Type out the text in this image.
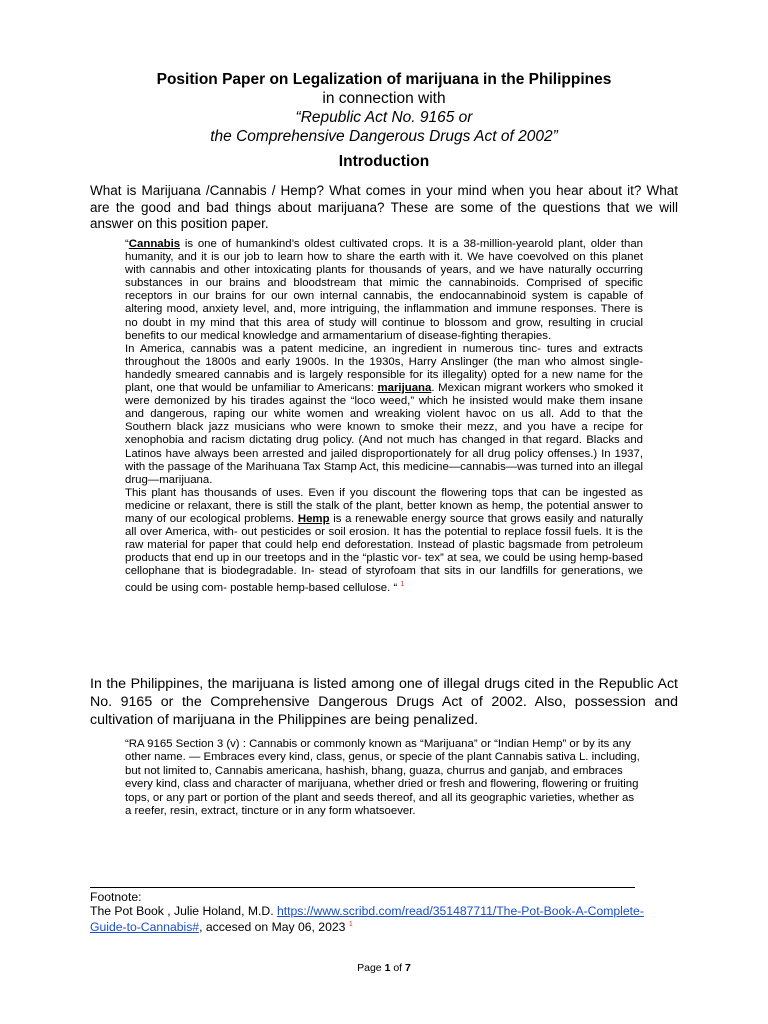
Position Paper on Legalization of marijuana in the Philippines
in connection with
“Republic Act No. 9165 or
the Comprehensive Dangerous Drugs Act of 2002”
Introduction
What is Marijuana /Cannabis / Hemp? What comes in your mind when you hear about it? What are the good and bad things about marijuana? These are some of the questions that we will answer on this position paper.

“Cannabis is one of humankind’s oldest cultivated crops. It is a 38-million-yearold plant, older than humanity, and it is our job to learn how to share the earth with it. We have coevolved on this planet with cannabis and other intoxicating plants for thousands of years, and we have naturally occurring substances in our brains and bloodstream that mimic the cannabinoids. Comprised of specific receptors in our brains for our own internal cannabis, the endocannabinoid system is capable of altering mood, anxiety level, and, more intriguing, the inflammation and immune responses. There is no doubt in my mind that this area of study will continue to blossom and grow, resulting in crucial benefits to our medical knowledge and armamentarium of disease-fighting therapies.

In America, cannabis was a patent medicine, an ingredient in numerous tinc- tures and extracts throughout the 1800s and early 1900s. In the 1930s, Harry Anslinger (the man who almost single-handedly smeared cannabis and is largely responsible for its illegality) opted for a new name for the plant, one that would be unfamiliar to Americans: marijuana. Mexican migrant workers who smoked it were demonized by his tirades against the “loco weed,” which he insisted would make them insane and dangerous, raping our white women and wreaking violent havoc on us all. Add to that the Southern black jazz musicians who were known to smoke their mezz, and you have a recipe for xenophobia and racism dictating drug policy. (And not much has changed in that regard. Blacks and Latinos have always been arrested and jailed disproportionately for all drug policy offenses.) In 1937, with the passage of the Marihuana Tax Stamp Act, this medicine—cannabis—was turned into an illegal drug—marijuana.

This plant has thousands of uses. Even if you discount the flowering tops that can be ingested as medicine or relaxant, there is still the stalk of the plant, better known as hemp, the potential answer to many of our ecological problems. Hemp is a renewable energy source that grows easily and naturally all over America, with- out pesticides or soil erosion. It has the potential to replace fossil fuels. It is the raw material for paper that could help end deforestation. Instead of plastic bagsmade from petroleum products that end up in our treetops and in the “plastic vor- tex” at sea, we could be using hemp-based cellophane that is biodegradable. In- stead of styrofoam that sits in our landfills for generations, we could be using com- postable hemp-based cellulose. “ $^1$

In the Philippines, the marijuana is listed among one of illegal drugs cited in the Republic Act No. 9165 or the Comprehensive Dangerous Drugs Act of 2002. Also, possession and cultivation of marijuana in the Philippines are being penalized.
“RA 9165 Section 3 (v) : Cannabis or commonly known as “Marijuana” or “Indian Hemp” or by its any other name. — Embraces every kind, class, genus, or specie of the plant Cannabis sativa L. including, but not limited to, Cannabis americana, hashish, bhang, guaza, churrus and ganjab, and embraces every kind, class and character of marijuana, whether dried or fresh and flowering, flowering or fruiting tops, or any part or portion of the plant and seeds thereof, and all its geographic varieties, whether as a reefer, resin, extract, tincture or in any form whatsoever.
Footnote:
The Pot Book , Julie Holand, M.D. https://www.scribd.com/read/351487711/The-Pot-Book-A-Complete-Guide-to-Cannabis#, accesed on May 06, 2023 $^1$
Page 1 of 7
